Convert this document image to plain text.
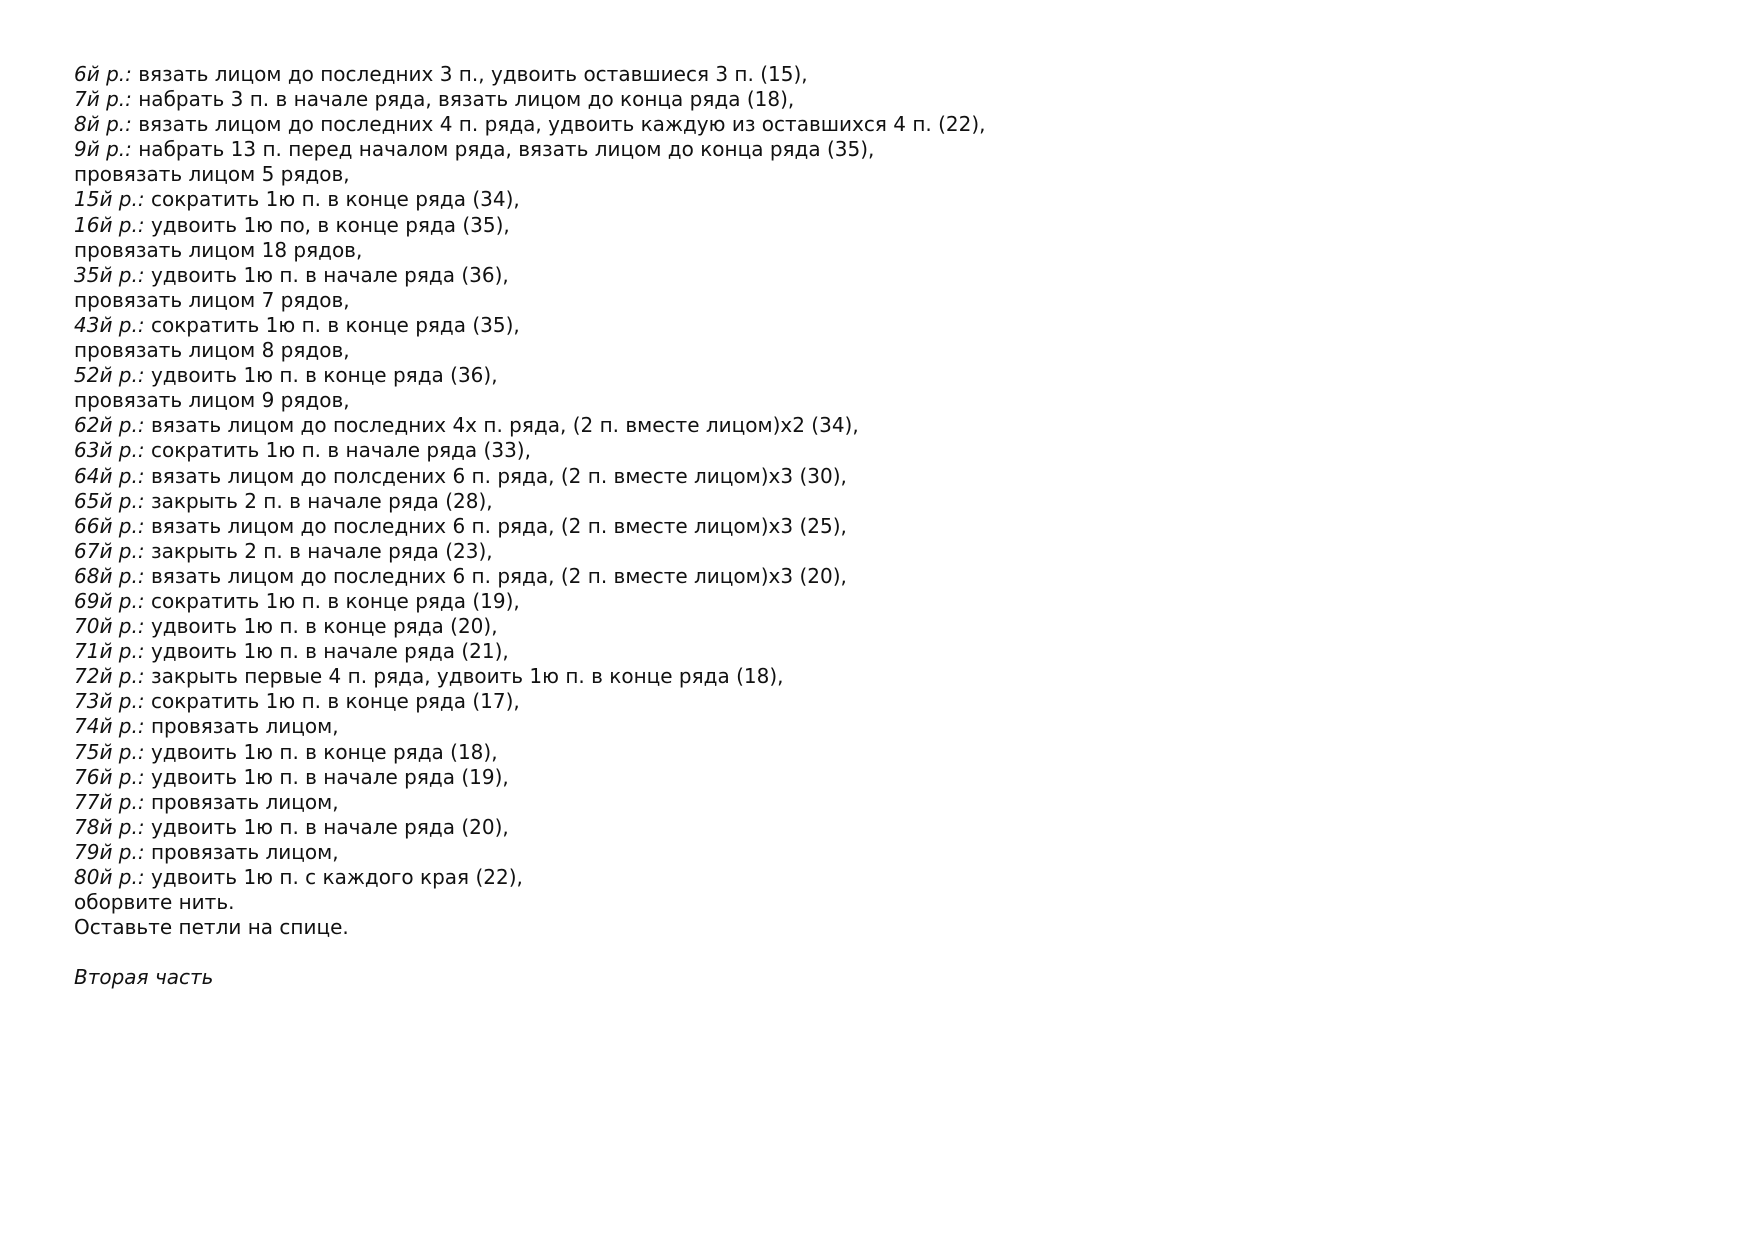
6й р.: вязать лицом до последних 3 п., удвоить оставшиеся 3 п. (15),
7й р.: набрать 3 п. в начале ряда, вязать лицом до конца ряда (18),
8й р.: вязать лицом до последних 4 п. ряда, удвоить каждую из оставшихся 4 п. (22),
9й р.: набрать 13 п. перед началом ряда, вязать лицом до конца ряда (35),
провязать лицом 5 рядов,
15й р.: сократить 1ю п. в конце ряда (34),
16й р.: удвоить 1ю по, в конце ряда (35),
провязать лицом 18 рядов,
35й р.: удвоить 1ю п. в начале ряда (36),
провязать лицом 7 рядов,
43й р.: сократить 1ю п. в конце ряда (35),
провязать лицом 8 рядов,
52й р.: удвоить 1ю п. в конце ряда (36),
провязать лицом 9 рядов,
62й р.: вязать лицом до последних 4х п. ряда, (2 п. вместе лицом)x2 (34),
63й р.: сократить 1ю п. в начале ряда (33),
64й р.: вязать лицом до полсдених 6 п. ряда, (2 п. вместе лицом)x3 (30),
65й р.: закрыть 2 п. в начале ряда (28),
66й р.: вязать лицом до последних 6 п. ряда, (2 п. вместе лицом)x3 (25),
67й р.: закрыть 2 п. в начале ряда (23),
68й р.: вязать лицом до последних 6 п. ряда, (2 п. вместе лицом)x3 (20),
69й р.: сократить 1ю п. в конце ряда (19),
70й р.: удвоить 1ю п. в конце ряда (20),
71й р.: удвоить 1ю п. в начале ряда (21),
72й р.: закрыть первые 4 п. ряда, удвоить 1ю п. в конце ряда (18),
73й р.: сократить 1ю п. в конце ряда (17),
74й р.: провязать лицом,
75й р.: удвоить 1ю п. в конце ряда (18),
76й р.: удвоить 1ю п. в начале ряда (19),
77й р.: провязать лицом,
78й р.: удвоить 1ю п. в начале ряда (20),
79й р.: провязать лицом,
80й р.: удвоить 1ю п. с каждого края (22),
оборвите нить.
Оставьте петли на спице.
Вторая часть
